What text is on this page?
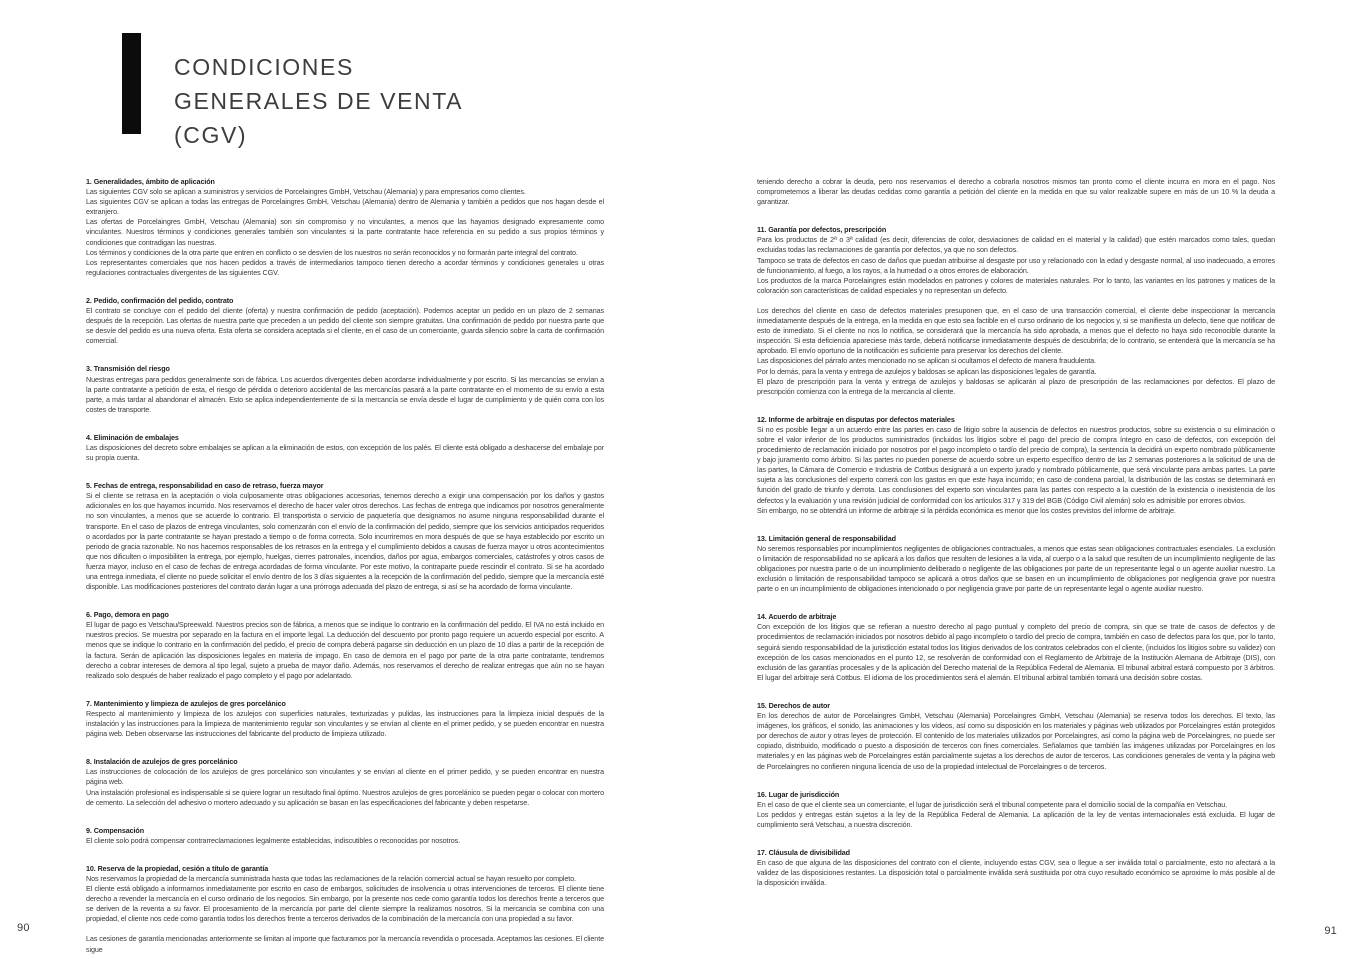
CONDICIONES
GENERALES DE VENTA
(CGV)
1. Generalidades, ámbito de aplicación

Las siguientes CGV solo se aplican a suministros y servicios de Porcelaingres GmbH, Vetschau (Alemania) y para empresarios como clientes.

Las siguientes CGV se aplican a todas las entregas de Porcelaingres GmbH, Vetschau (Alemania) dentro de Alemania y también a pedidos que nos hagan desde el extranjero.

Las ofertas de Porcelaingres GmbH, Vetschau (Alemania) son sin compromiso y no vinculantes, a menos que las hayamos designado expresamente como vinculantes. Nuestros términos y condiciones generales también son vinculantes si la parte contratante hace referencia en su pedido a sus propios términos y condiciones que contradigan las nuestras.

Los términos y condiciones de la otra parte que entren en conflicto o se desvíen de los nuestros no serán reconocidos y no formarán parte integral del contrato.

Los representantes comerciales que nos hacen pedidos a través de intermediarios tampoco tienen derecho a acordar términos y condiciones generales u otras regulaciones contractuales divergentes de las siguientes CGV.

2. Pedido, confirmación del pedido, contrato

El contrato se concluye con el pedido del cliente (oferta) y nuestra confirmación de pedido (aceptación). Podemos aceptar un pedido en un plazo de 2 semanas después de la recepción. Las ofertas de nuestra parte que preceden a un pedido del cliente son siempre gratuitas. Una confirmación de pedido por nuestra parte que se desvíe del pedido es una nueva oferta. Esta oferta se considera aceptada si el cliente, en el caso de un comerciante, guarda silencio sobre la carta de confirmación comercial.

3. Transmisión del riesgo

Nuestras entregas para pedidos generalmente son de fábrica. Los acuerdos divergentes deben acordarse individualmente y por escrito. Si las mercancías se envían a la parte contratante a petición de esta, el riesgo de pérdida o deterioro accidental de las mercancías pasará a la parte contratante en el momento de su envío a esta parte, a más tardar al abandonar el almacén. Esto se aplica independientemente de si la mercancía se envía desde el lugar de cumplimiento y de quién corra con los costes de transporte.

4. Eliminación de embalajes

Las disposiciones del decreto sobre embalajes se aplican a la eliminación de estos, con excepción de los palés. El cliente está obligado a deshacerse del embalaje por su propia cuenta.

5. Fechas de entrega, responsabilidad en caso de retraso, fuerza mayor

Si el cliente se retrasa en la aceptación o viola culposamente otras obligaciones accesorias, tenemos derecho a exigir una compensación por los daños y gastos adicionales en los que hayamos incurrido. Nos reservamos el derecho de hacer valer otros derechos. Las fechas de entrega que indicamos por nosotros generalmente no son vinculantes, a menos que se acuerde lo contrario. El transportista o servicio de paquetería que designamos no asume ninguna responsabilidad durante el transporte. En el caso de plazos de entrega vinculantes, solo comenzarán con el envío de la confirmación del pedido, siempre que los servicios anticipados requeridos o acordados por la parte contratante se hayan prestado a tiempo o de forma correcta. Solo incurriremos en mora después de que se haya establecido por escrito un periodo de gracia razonable. No nos hacemos responsables de los retrasos en la entrega y el cumplimiento debidos a causas de fuerza mayor u otros acontecimientos que nos dificulten o imposibiliten la entrega, por ejemplo, huelgas, cierres patronales, incendios, daños por agua, embargos comerciales, catástrofes y otros casos de fuerza mayor, incluso en el caso de fechas de entrega acordadas de forma vinculante. Por este motivo, la contraparte puede rescindir el contrato. Si se ha acordado una entrega inmediata, el cliente no puede solicitar el envío dentro de los 3 días siguientes a la recepción de la confirmación del pedido, siempre que la mercancía esté disponible. Las modificaciones posteriores del contrato darán lugar a una prórroga adecuada del plazo de entrega, si así se ha acordado de forma vinculante.

6. Pago, demora en pago

El lugar de pago es Vetschau/Spreewald. Nuestros precios son de fábrica, a menos que se indique lo contrario en la confirmación del pedido. El IVA no está incluido en nuestros precios. Se muestra por separado en la factura en el importe legal. La deducción del descuento por pronto pago requiere un acuerdo especial por escrito. A menos que se indique lo contrario en la confirmación del pedido, el precio de compra deberá pagarse sin deducción en un plazo de 10 días a partir de la recepción de la factura. Serán de aplicación las disposiciones legales en materia de impago. En caso de demora en el pago por parte de la otra parte contratante, tendremos derecho a cobrar intereses de demora al tipo legal, sujeto a prueba de mayor daño. Además, nos reservamos el derecho de realizar entregas que aún no se hayan realizado solo después de haber realizado el pago completo y el pago por adelantado.

7. Mantenimiento y limpieza de azulejos de gres porcelánico

Respecto al mantenimiento y limpieza de los azulejos con superficies naturales, texturizadas y pulidas, las instrucciones para la limpieza inicial después de la instalación y las instrucciones para la limpieza de mantenimiento regular son vinculantes y se envían al cliente en el primer pedido, y se pueden encontrar en nuestra página web. Deben observarse las instrucciones del fabricante del producto de limpieza utilizado.

8. Instalación de azulejos de gres porcelánico

Las instrucciones de colocación de los azulejos de gres porcelánico son vinculantes y se envían al cliente en el primer pedido, y se pueden encontrar en nuestra página web.

Una instalación profesional es indispensable si se quiere lograr un resultado final óptimo. Nuestros azulejos de gres porcelánico se pueden pegar o colocar con mortero de cemento. La selección del adhesivo o mortero adecuado y su aplicación se basan en las especificaciones del fabricante y deben respetarse.

9. Compensación

El cliente solo podrá compensar contrarreclamaciones legalmente establecidas, indiscutibles o reconocidas por nosotros.

10. Reserva de la propiedad, cesión a título de garantía

Nos reservamos la propiedad de la mercancía suministrada hasta que todas las reclamaciones de la relación comercial actual se hayan resuelto por completo.

El cliente está obligado a informarnos inmediatamente por escrito en caso de embargos, solicitudes de insolvencia u otras intervenciones de terceros. El cliente tiene derecho a revender la mercancía en el curso ordinario de los negocios. Sin embargo, por la presente nos cede como garantía todos los derechos frente a terceros que se deriven de la reventa a su favor. El procesamiento de la mercancía por parte del cliente siempre la realizamos nosotros. Si la mercancía se combina con una propiedad, el cliente nos cede como garantía todos los derechos frente a terceros derivados de la combinación de la mercancía con una propiedad a su favor.

Las cesiones de garantía mencionadas anteriormente se limitan al importe que facturamos por la mercancía revendida o procesada. Aceptamos las cesiones. El cliente sigue

teniendo derecho a cobrar la deuda, pero nos reservamos el derecho a cobrarla nosotros mismos tan pronto como el cliente incurra en mora en el pago. Nos comprometemos a liberar las deudas cedidas como garantía a petición del cliente en la medida en que su valor realizable supere en más de un 10 % la deuda a garantizar.

11. Garantía por defectos, prescripción

Para los productos de 2ª o 3ª calidad (es decir, diferencias de color, desviaciones de calidad en el material y la calidad) que estén marcados como tales, quedan excluidas todas las reclamaciones de garantía por defectos, ya que no son defectos.

Tampoco se trata de defectos en caso de daños que puedan atribuirse al desgaste por uso y relacionado con la edad y desgaste normal, al uso inadecuado, a errores de funcionamiento, al fuego, a los rayos, a la humedad o a otros errores de elaboración.

Los productos de la marca Porcelaingres están modelados en patrones y colores de materiales naturales. Por lo tanto, las variantes en los patrones y matices de la coloración son características de calidad especiales y no representan un defecto.

Los derechos del cliente en caso de defectos materiales presuponen que, en el caso de una transacción comercial, el cliente debe inspeccionar la mercancía inmediatamente después de la entrega, en la medida en que esto sea factible en el curso ordinario de los negocios y, si se manifiesta un defecto, tiene que notificar de esto de inmediato. Si el cliente no nos lo notifica, se considerará que la mercancía ha sido aprobada, a menos que el defecto no haya sido reconocible durante la inspección. Si esta deficiencia apareciese más tarde, deberá notificarse inmediatamente después de descubrirla; de lo contrario, se entenderá que la mercancía se ha aprobado. El envío oportuno de la notificación es suficiente para preservar los derechos del cliente.

Las disposiciones del párrafo antes mencionado no se aplican si ocultamos el defecto de manera fraudulenta.

Por lo demás, para la venta y entrega de azulejos y baldosas se aplican las disposiciones legales de garantía.

El plazo de prescripción para la venta y entrega de azulejos y baldosas se aplicarán al plazo de prescripción de las reclamaciones por defectos. El plazo de prescripción comienza con la entrega de la mercancía al cliente.

12. Informe de arbitraje en disputas por defectos materiales

Si no es posible llegar a un acuerdo entre las partes en caso de litigio sobre la ausencia de defectos en nuestros productos, sobre su existencia o su eliminación o sobre el valor inferior de los productos suministrados (incluidos los litigios sobre el pago del precio de compra íntegro en caso de defectos, con excepción del procedimiento de reclamación iniciado por nosotros por el pago incompleto o tardío del precio de compra), la sentencia la decidirá un experto nombrado públicamente y bajo juramento como árbitro. Si las partes no pueden ponerse de acuerdo sobre un experto específico dentro de las 2 semanas posteriores a la solicitud de una de las partes, la Cámara de Comercio e Industria de Cottbus designará a un experto jurado y nombrado públicamente, que será vinculante para ambas partes. La parte sujeta a las conclusiones del experto correrá con los gastos en que este haya incurrido; en caso de condena parcial, la distribución de las costas se determinará en función del grado de triunfo y derrota. Las conclusiones del experto son vinculantes para las partes con respecto a la cuestión de la existencia o inexistencia de los defectos y la evaluación y una revisión judicial de conformidad con los artículos 317 y 319 del BGB (Código Civil alemán) solo es admisible por errores obvios.

Sin embargo, no se obtendrá un informe de arbitraje si la pérdida económica es menor que los costes previstos del informe de arbitraje.

13. Limitación general de responsabilidad

No seremos responsables por incumplimientos negligentes de obligaciones contractuales, a menos que estas sean obligaciones contractuales esenciales. La exclusión o limitación de responsabilidad no se aplicará a los daños que resulten de lesiones a la vida, al cuerpo o a la salud que resulten de un incumplimiento negligente de las obligaciones por nuestra parte o de un incumplimiento deliberado o negligente de las obligaciones por parte de un representante legal o un agente auxiliar nuestro. La exclusión o limitación de responsabilidad tampoco se aplicará a otros daños que se basen en un incumplimiento de obligaciones por negligencia grave por nuestra parte o en un incumplimiento de obligaciones intencionado o por negligencia grave por parte de un representante legal o agente auxiliar nuestro.

14. Acuerdo de arbitraje

Con excepción de los litigios que se refieran a nuestro derecho al pago puntual y completo del precio de compra, sin que se trate de casos de defectos y de procedimientos de reclamación iniciados por nosotros debido al pago incompleto o tardío del precio de compra, también en caso de defectos para los que, por lo tanto, seguirá siendo responsabilidad de la jurisdicción estatal todos los litigios derivados de los contratos celebrados con el cliente, (incluidos los litigios sobre su validez) con excepción de los casos mencionados en el punto 12, se resolverán de conformidad con el Reglamento de Arbitraje de la Institución Alemana de Arbitraje (DIS), con exclusión de las garantías procesales y de la aplicación del Derecho material de la República Federal de Alemania. El tribunal arbitral estará compuesto por 3 árbitros. El lugar del arbitraje será Cottbus. El idioma de los procedimientos será el alemán. El tribunal arbitral también tomará una decisión sobre costas.

15. Derechos de autor

En los derechos de autor de Porcelaingres GmbH, Vetschau (Alemania) Porcelaingres GmbH, Vetschau (Alemania) se reserva todos los derechos. El texto, las imágenes, los gráficos, el sonido, las animaciones y los vídeos, así como su disposición en los materiales y páginas web utilizados por Porcelaingres están protegidos por derechos de autor y otras leyes de protección. El contenido de los materiales utilizados por Porcelaingres, así como la página web de Porcelaingres, no puede ser copiado, distribuido, modificado o puesto a disposición de terceros con fines comerciales. Señalamos que también las imágenes utilizadas por Porcelaingres en los materiales y en las páginas web de Porcelaingres están parcialmente sujetas a los derechos de autor de terceros. Las condiciones generales de venta y la página web de Porcelaingres no confieren ninguna licencia de uso de la propiedad intelectual de Porcelaingres o de terceros.

16. Lugar de jurisdicción

En el caso de que el cliente sea un comerciante, el lugar de jurisdicción será el tribunal competente para el domicilio social de la compañía en Vetschau.

Los pedidos y entregas están sujetos a la ley de la República Federal de Alemania. La aplicación de la ley de ventas internacionales está excluida. El lugar de cumplimiento será Vetschau, a nuestra discreción.

17. Cláusula de divisibilidad

En caso de que alguna de las disposiciones del contrato con el cliente, incluyendo estas CGV, sea o llegue a ser inválida total o parcialmente, esto no afectará a la validez de las disposiciones restantes. La disposición total o parcialmente inválida será sustituida por otra cuyo resultado económico se aproxime lo más posible al de la disposición inválida.

90	91
